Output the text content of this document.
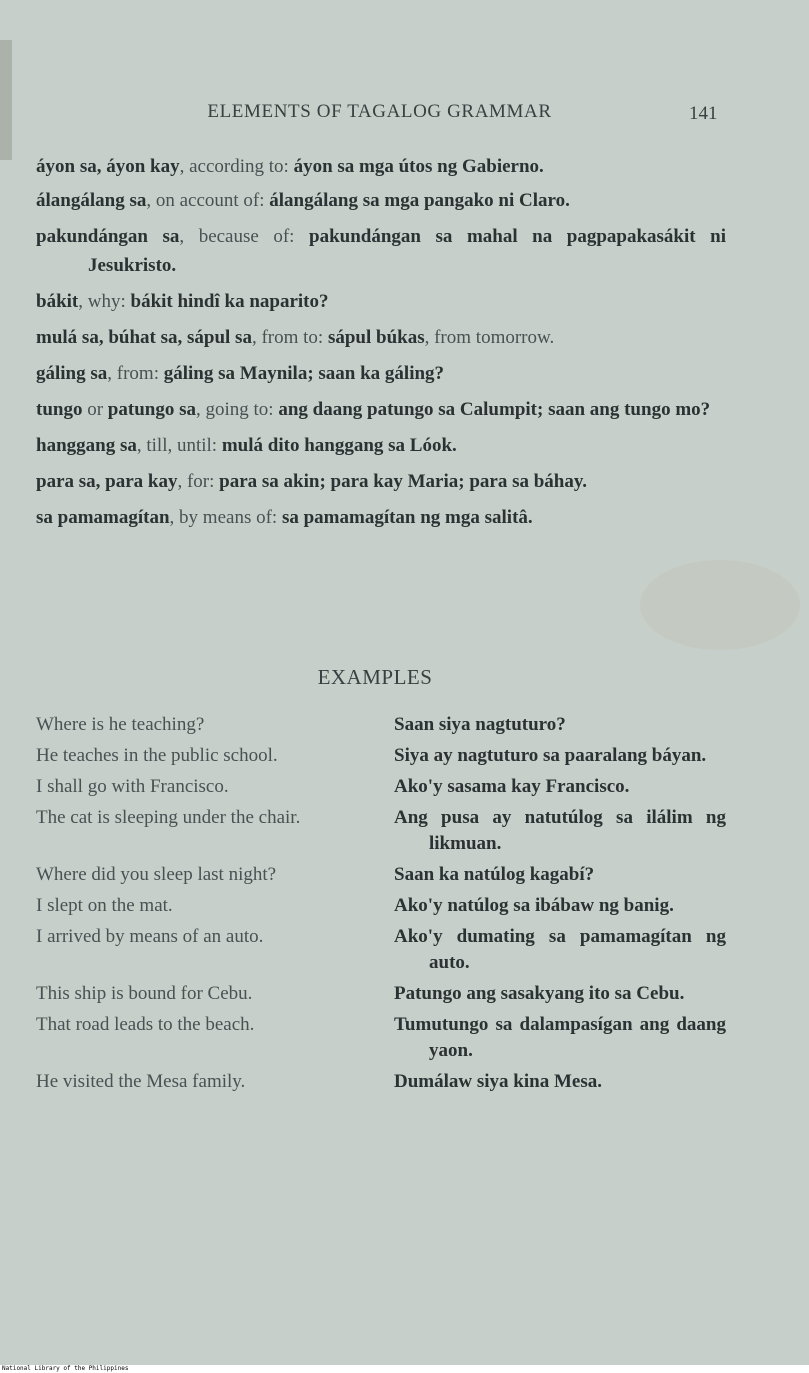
ELEMENTS OF TAGALOG GRAMMAR	141

áyon sa, áyon kay, according to: áyon sa mga útos ng Gabierno.

álangálang sa, on account of: álangálang sa mga pangako ni Claro.

pakundángan sa, because of: pakundángan sa mahal na pagpapakasákit ni Jesukristo.

bákit, why: bákit hindî ka naparito?

mulá sa, búhat sa, sápul sa, from to: sápul búkas, from tomorrow.

gáling sa, from: gáling sa Maynila; saan ka gáling?

tungo or patungo sa, going to: ang daang patungo sa Calumpit; saan ang tungo mo?

hanggang sa, till, until: mulá dito hanggang sa Lóok.

para sa, para kay, for: para sa akin; para kay Maria; para sa báhay.

sa pamamagítan, by means of: sa pamamagítan ng mga salitâ.

EXAMPLES
Where is he teaching?	Saan siya nagtuturo?
He teaches in the public school.	Siya ay nagtuturo sa paaralang báyan.
I shall go with Francisco.	Ako'y sasama kay Francisco.
The cat is sleeping under the chair.	Ang pusa ay natutúlog sa ilálim ng likmuan.
Where did you sleep last night?	Saan ka natúlog kagabí?
I slept on the mat.	Ako'y natúlog sa ibábaw ng banig.
I arrived by means of an auto.	Ako'y dumating sa pamamagítan ng auto.
This ship is bound for Cebu.	Patungo ang sasakyang ito sa Cebu.
That road leads to the beach.	Tumutungo sa dalampasígan ang daang yaon.
He visited the Mesa family.	Dumálaw siya kina Mesa.
National Library of the Philippines
